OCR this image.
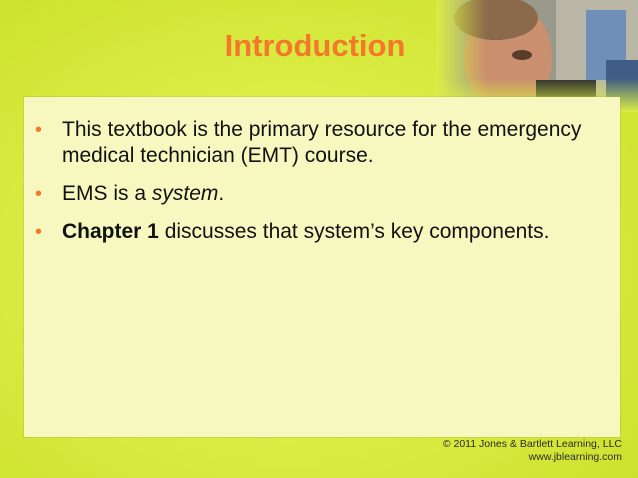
Introduction
• This textbook is the primary resource for the emergency medical technician (EMT) course.
• EMS is a system.
• Chapter 1 discusses that system’s key components.
© 2011 Jones & Bartlett Learning, LLC
www.jblearning.com
